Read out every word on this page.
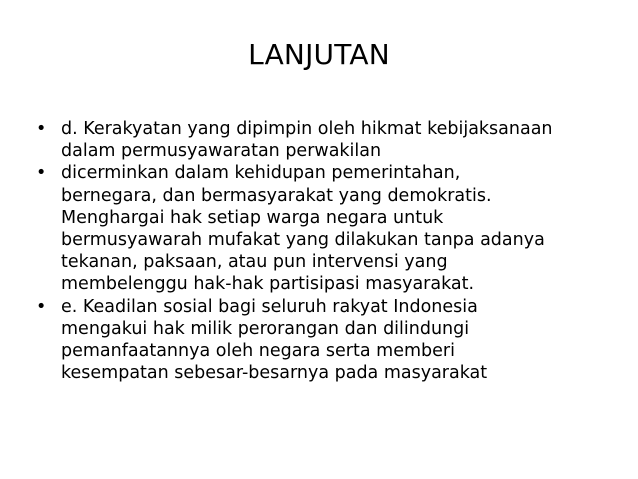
LANJUTAN
• d. Kerakyatan yang dipimpin oleh hikmat kebijaksanaan
dalam permusyawaratan perwakilan
• dicerminkan dalam kehidupan pemerintahan,
bernegara, dan bermasyarakat yang demokratis.
Menghargai hak setiap warga negara untuk
bermusyawarah mufakat yang dilakukan tanpa adanya
tekanan, paksaan, atau pun intervensi yang
membelenggu hak-hak partisipasi masyarakat.
• e. Keadilan sosial bagi seluruh rakyat Indonesia
mengakui hak milik perorangan dan dilindungi
pemanfaatannya oleh negara serta memberi
kesempatan sebesar-besarnya pada masyarakat
